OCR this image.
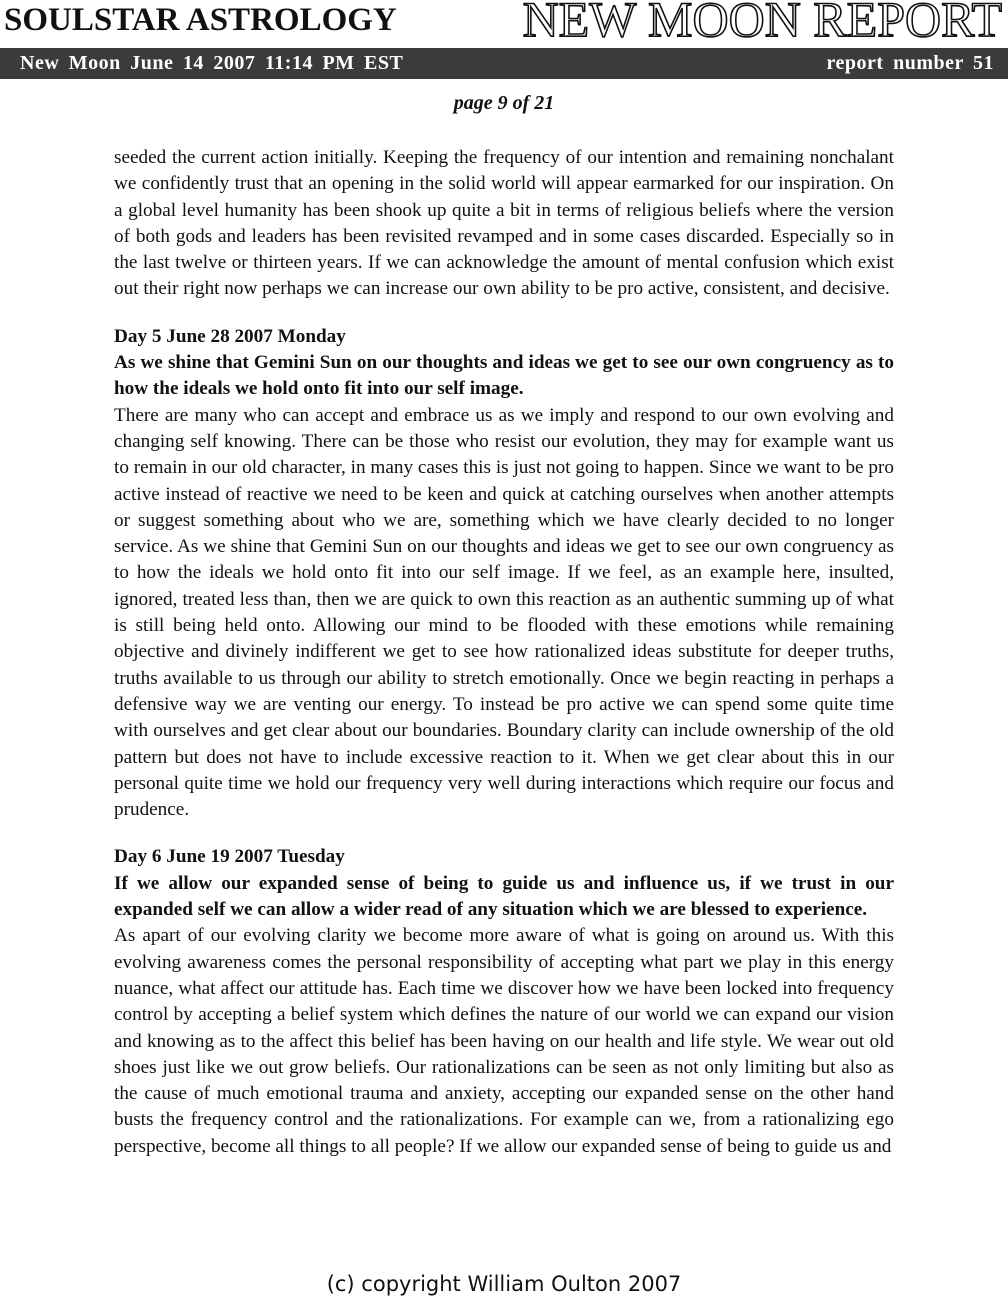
SOULSTAR ASTROLOGY	NEW MOON REPORT
New Moon June 14 2007 11:14 PM EST	report number 51
page 9 of 21

seeded the current action initially. Keeping the frequency of our intention and remaining nonchalant we confidently trust that an opening in the solid world will appear earmarked for our inspiration. On a global level humanity has been shook up quite a bit in terms of religious beliefs where the version of both gods and leaders has been revisited revamped and in some cases discarded. Especially so in the last twelve or thirteen years. If we can acknowledge the amount of mental confusion which exist out their right now perhaps we can increase our own ability to be pro active, consistent, and decisive.

Day 5 June 28 2007 Monday

As we shine that Gemini Sun on our thoughts and ideas we get to see our own congruency as to how the ideals we hold onto fit into our self image.

There are many who can accept and embrace us as we imply and respond to our own evolving and changing self knowing. There can be those who resist our evolution, they may for example want us to remain in our old character, in many cases this is just not going to happen. Since we want to be pro active instead of reactive we need to be keen and quick at catching ourselves when another attempts or suggest something about who we are, something which we have clearly decided to no longer service. As we shine that Gemini Sun on our thoughts and ideas we get to see our own congruency as to how the ideals we hold onto fit into our self image. If we feel, as an example here, insulted, ignored, treated less than, then we are quick to own this reaction as an authentic summing up of what is still being held onto. Allowing our mind to be flooded with these emotions while remaining objective and divinely indifferent we get to see how rationalized ideas substitute for deeper truths, truths available to us through our ability to stretch emotionally. Once we begin reacting in perhaps a defensive way we are venting our energy. To instead be pro active we can spend some quite time with ourselves and get clear about our boundaries. Boundary clarity can include ownership of the old pattern but does not have to include excessive reaction to it. When we get clear about this in our personal quite time we hold our frequency very well during interactions which require our focus and prudence.

Day 6 June 19 2007 Tuesday

If we allow our expanded sense of being to guide us and influence us, if we trust in our expanded self we can allow a wider read of any situation which we are blessed to experience.

As apart of our evolving clarity we become more aware of what is going on around us. With this evolving awareness comes the personal responsibility of accepting what part we play in this energy nuance, what affect our attitude has. Each time we discover how we have been locked into frequency control by accepting a belief system which defines the nature of our world we can expand our vision and knowing as to the affect this belief has been having on our health and life style. We wear out old shoes just like we out grow beliefs. Our rationalizations can be seen as not only limiting but also as the cause of much emotional trauma and anxiety, accepting our expanded sense on the other hand busts the frequency control and the rationalizations. For example can we, from a rationalizing ego perspective, become all things to all people? If we allow our expanded sense of being to guide us and

(c) copyright William Oulton 2007
